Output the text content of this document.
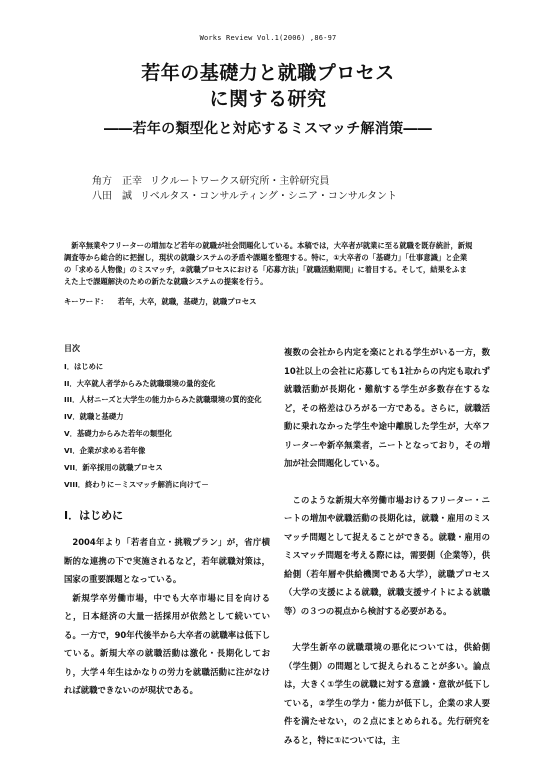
Works Review Vol.1(2006) ,86-97
若年の基礎力と就職プロセス
に関する研究
――若年の類型化と対応するミスマッチ解消策――
角方　正幸 リクルートワークス研究所・主幹研究員
八田　誠 リベルタス・コンサルティング・シニア・コンサルタント

新卒無業やフリーターの増加など若年の就職が社会問題化している。本稿では，大卒者が就業に至る就職を既存統計，新規調査等から総合的に把握し，現状の就職システムの矛盾や課題を整理する。特に，①大卒者の「基礎力」「仕事意識」と企業の「求める人物像」のミスマッチ，②就職プロセスにおける「応募方法」「就職活動期間」に着目する。そして，結果をふまえた上で課題解決のための新たな就職システムの提案を行う。

キーワード： 若年，大卒，就職，基礎力，就職プロセス
目次
I．はじめに
II．大卒就人者学からみた就職環境の量的変化
III．人材ニーズと大学生の能力からみた就職環境の質的変化
IV．就職と基礎力
V．基礎力からみた若年の類型化
VI．企業が求める若年像
VII．新卒採用の就職プロセス
VIII．終わりに－ミスマッチ解消に向けて－
I．はじめに

2004年より「若者自立・挑戦プラン」が，省庁横断的な連携の下で実施されるなど，若年就職対策は，国家の重要課題となっている。

新規学卒労働市場，中でも大卒市場に目を向けると，日本経済の大量一括採用が依然として続いている。一方で，90年代後半から大卒者の就職率は低下している。新規大卒の就職活動は激化・長期化しており，大学４年生はかなりの労力を就職活動に注がなければ就職できないのが現状である。

複数の会社から内定を楽にとれる学生がいる一方，数10社以上の会社に応募しても1社からの内定も取れず就職活動が長期化・難航する学生が多数存在するなど，その格差はひろがる一方である。さらに，就職活動に乗れなかった学生や途中離脱した学生が，大卒フリーターや新卒無業者，ニートとなっており，その増加が社会問題化している。

このような新規大卒労働市場おけるフリーター・ニートの増加や就職活動の長期化は，就職・雇用のミスマッチ問題として捉えることができる。就職・雇用のミスマッチ問題を考える際には，需要側（企業等），供給側（若年層や供給機関である大学），就職プロセス（大学の支援による就職，就職支援サイトによる就職等）の３つの視点から検討する必要がある。

大学生新卒の就職環境の悪化については，供給側（学生側）の問題として捉えられることが多い。論点は，大きく①学生の就職に対する意識・意欲が低下している，②学生の学力・能力が低下し，企業の求人要件を満たせない，の２点にまとめられる。先行研究をみると，特に①については，主
